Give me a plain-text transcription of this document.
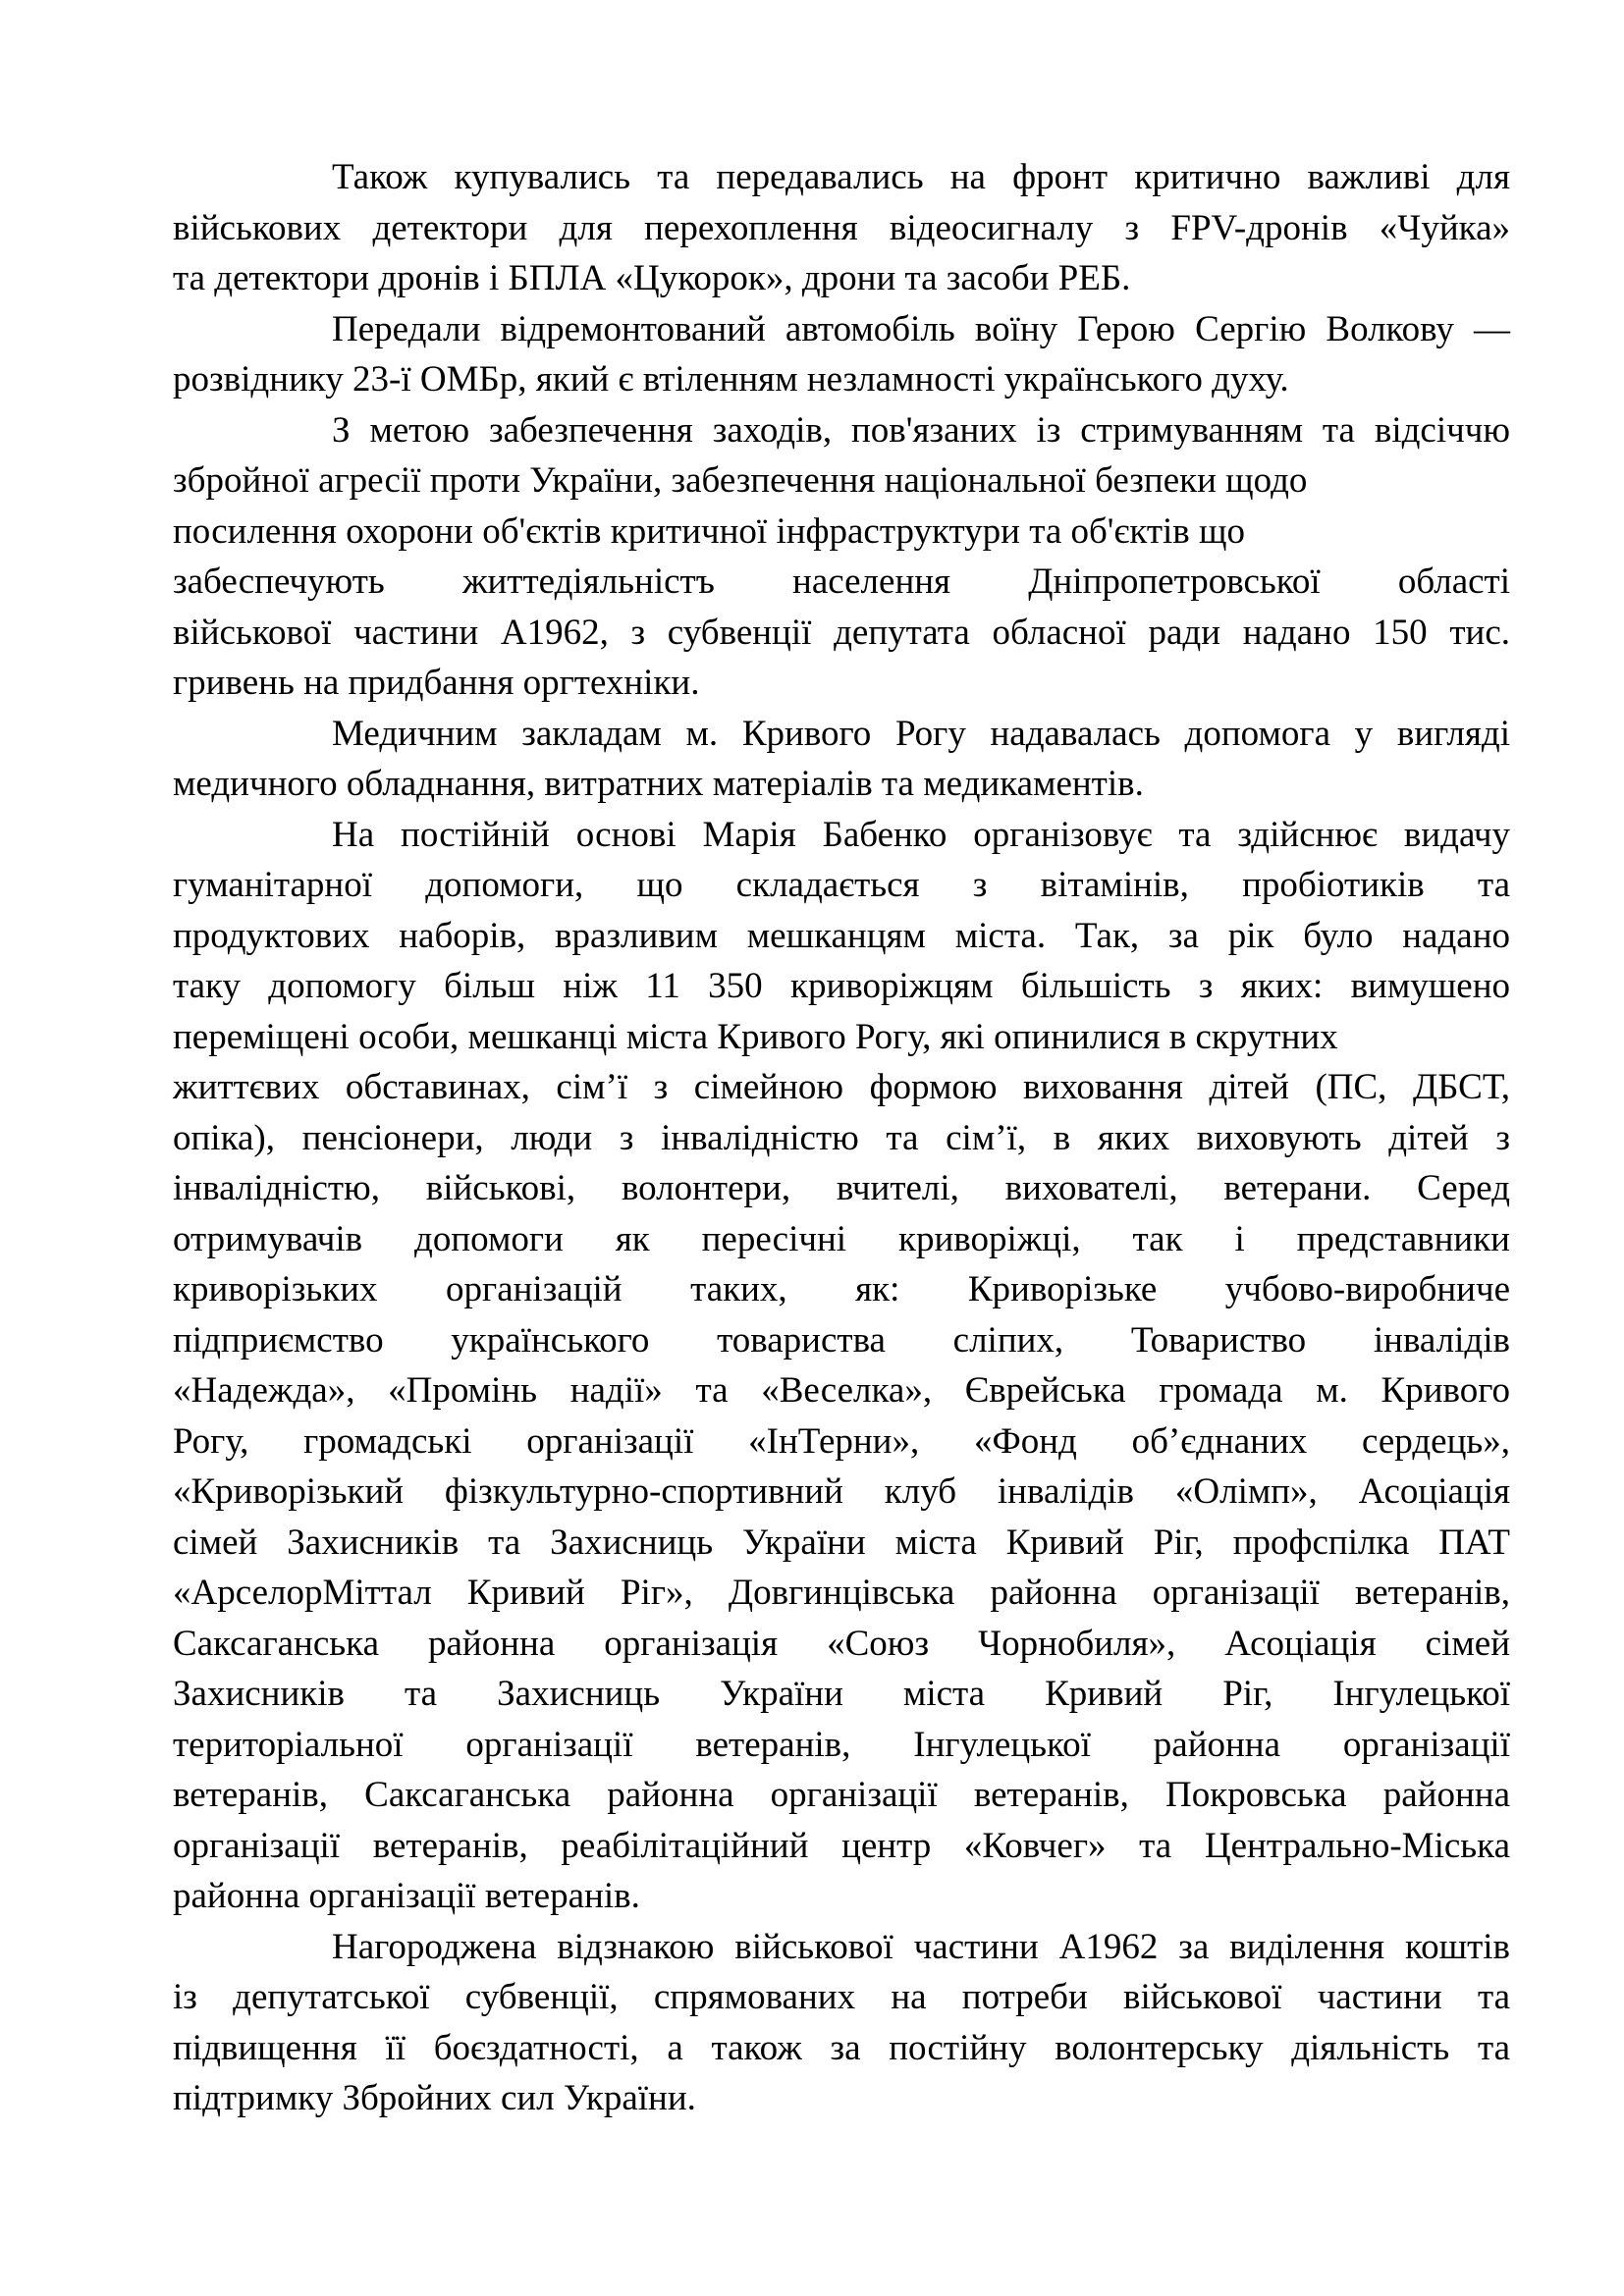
Також купувались та передавались на фронт критично важливі для
військових детектори для перехоплення відеосигналу з FPV-дронів «Чуйка»
та детектори дронів і БПЛА «Цукорок», дрони та засоби РЕБ.
Передали відремонтований автомобіль воїну Герою Сергію Волкову —
розвіднику 23-ї ОМБр, який є втіленням незламності українського духу.
З метою забезпечення заходів, пов'язаних із стримуванням та відсіччю
збройної агресії проти України, забезпечення національної безпеки щодо
посилення охорони об'єктів критичної інфраструктури та об'єктів що
забеспечують життедіяльністъ населення Дніпропетровської області
військової частини А1962, з субвенції депутата обласної ради надано 150 тис.
гривень на придбання оргтехніки.
Медичним закладам м. Кривого Рогу надавалась допомога у вигляді
медичного обладнання, витратних матеріалів та медикаментів.
На постійній основі Марія Бабенко організовує та здійснює видачу
гуманітарної допомоги, що складається з вітамінів, пробіотиків та
продуктових наборів, вразливим мешканцям міста. Так, за рік було надано
таку допомогу більш ніж 11 350 криворіжцям більшість з яких: вимушено
переміщені особи, мешканці міста Кривого Рогу, які опинилися в скрутних
життєвих обставинах, сім’ї з сімейною формою виховання дітей (ПС, ДБСТ,
опіка), пенсіонери, люди з інвалідністю та сім’ї, в яких виховують дітей з
інвалідністю, військові, волонтери, вчителі, вихователі, ветерани. Серед
отримувачів допомоги як пересічні криворіжці, так і представники
криворізьких організацій таких, як: Криворізьке учбово-виробниче
підприємство українського товариства сліпих, Товариство інвалідів
«Надежда», «Промінь надії» та «Веселка», Єврейська громада м. Кривого
Рогу, громадські організації «ІнТерни», «Фонд об’єднаних сердець»,
«Криворізький фізкультурно-спортивний клуб інвалідів «Олімп», Асоціація
сімей Захисників та Захисниць України міста Кривий Ріг, профспілка ПАТ
«АрселорМіттал Кривий Ріг», Довгинцівська районна організації ветеранів,
Саксаганська районна організація «Союз Чорнобиля», Асоціація сімей
Захисників та Захисниць України міста Кривий Ріг, Інгулецької
територіальної організації ветеранів, Інгулецької районна організації
ветеранів, Саксаганська районна організації ветеранів, Покровська районна
організації ветеранів, реабілітаційний центр «Ковчег» та Центрально-Міська
районна організації ветеранів.
Нагороджена відзнакою військової частини А1962 за виділення коштів
із депутатської субвенції, спрямованих на потреби військової частини та
підвищення її боєздатності, а також за постійну волонтерську діяльність та
підтримку Збройних сил України.
